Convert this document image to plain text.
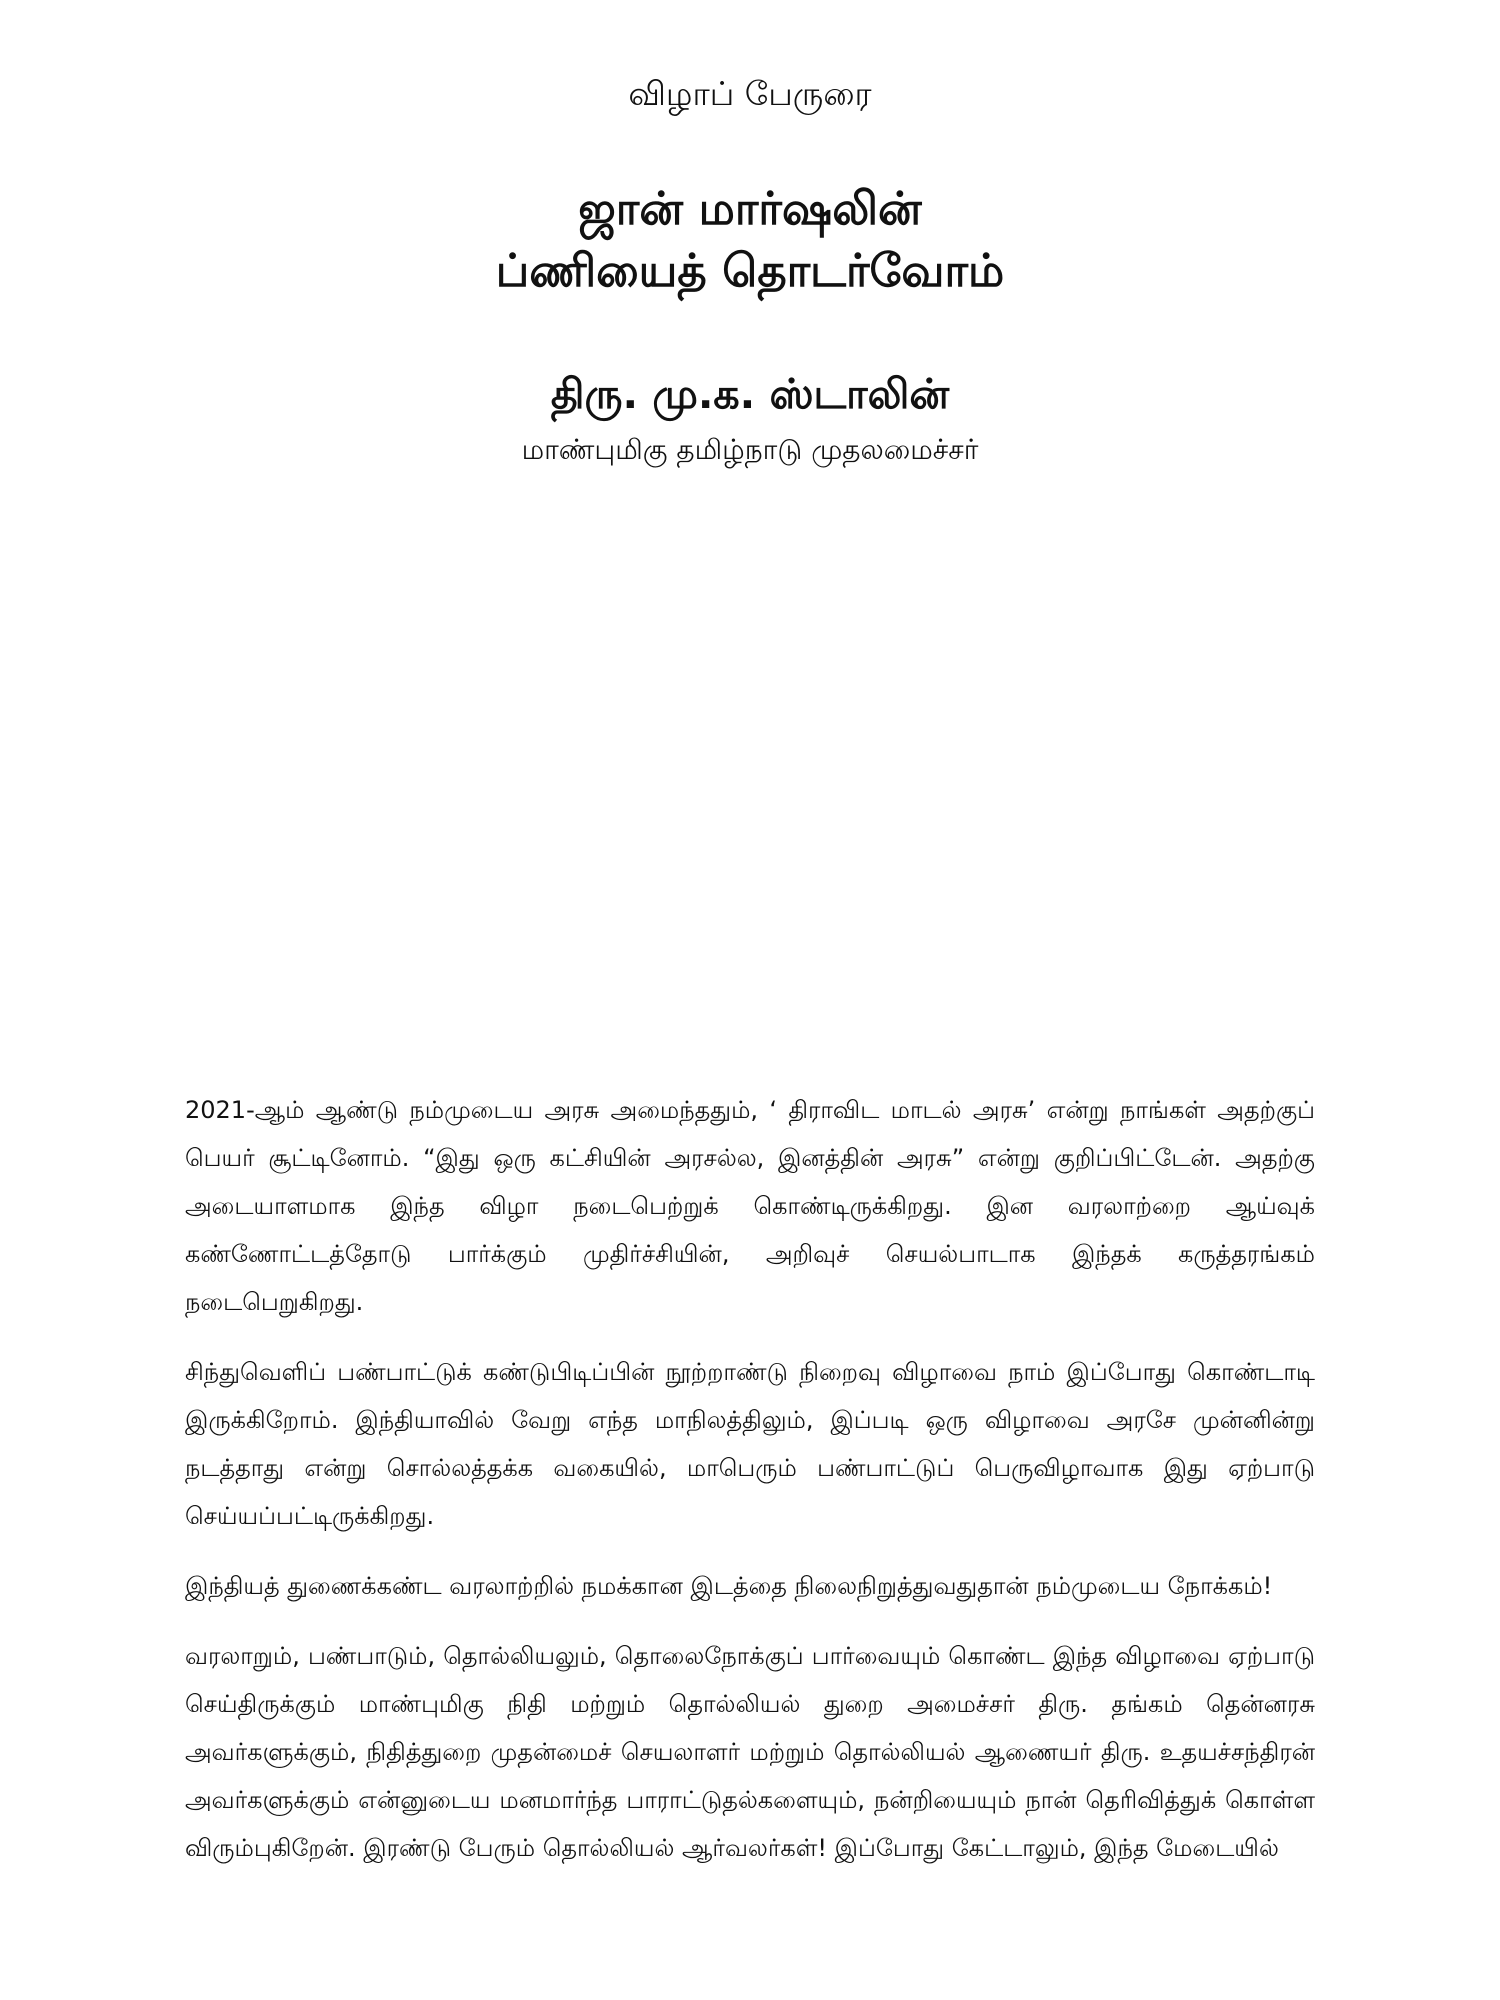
விழாப் பேருரை
ஜான் மார்ஷலின்
ப்ணியைத் தொடர்வோம்
திரு. மு.க. ஸ்டாலின்
மாண்புமிகு தமிழ்நாடு முதலமைச்சர்

2021-ஆம் ஆண்டு நம்முடைய அரசு அமைந்ததும், ‘ திராவிட மாடல் அரசு’ என்று நாங்கள் அதற்குப் பெயர் சூட்டினோம். “இது ஒரு கட்சியின் அரசல்ல, இனத்தின் அரசு” என்று குறிப்பிட்டேன். அதற்கு அடையாளமாக இந்த விழா நடைபெற்றுக் கொண்டிருக்கிறது. இன வரலாற்றை ஆய்வுக் கண்ணோட்டத்தோடு பார்க்கும் முதிர்ச்சியின், அறிவுச் செயல்பாடாக இந்தக் கருத்தரங்கம் நடைபெறுகிறது.

சிந்துவெளிப் பண்பாட்டுக் கண்டுபிடிப்பின் நூற்றாண்டு நிறைவு விழாவை நாம் இப்போது கொண்டாடி இருக்கிறோம். இந்தியாவில் வேறு எந்த மாநிலத்திலும், இப்படி ஒரு விழாவை அரசே முன்னின்று நடத்தாது என்று சொல்லத்தக்க வகையில், மாபெரும் பண்பாட்டுப் பெருவிழாவாக இது ஏற்பாடு செய்யப்பட்டிருக்கிறது.

இந்தியத் துணைக்கண்ட வரலாற்றில் நமக்கான இடத்தை நிலைநிறுத்துவதுதான் நம்முடைய நோக்கம்!

வரலாறும், பண்பாடும், தொல்லியலும், தொலைநோக்குப் பார்வையும் கொண்ட இந்த விழாவை ஏற்பாடு செய்திருக்கும் மாண்புமிகு நிதி மற்றும் தொல்லியல் துறை அமைச்சர் திரு. தங்கம் தென்னரசு அவர்களுக்கும், நிதித்துறை முதன்மைச் செயலாளர் மற்றும் தொல்லியல் ஆணையர் திரு. உதயச்சந்திரன் அவர்களுக்கும் என்னுடைய மனமார்ந்த பாராட்டுதல்களையும், நன்றியையும் நான் தெரிவித்துக் கொள்ள விரும்புகிறேன். இரண்டு பேரும் தொல்லியல் ஆர்வலர்கள்! இப்போது கேட்டாலும், இந்த மேடையில்
